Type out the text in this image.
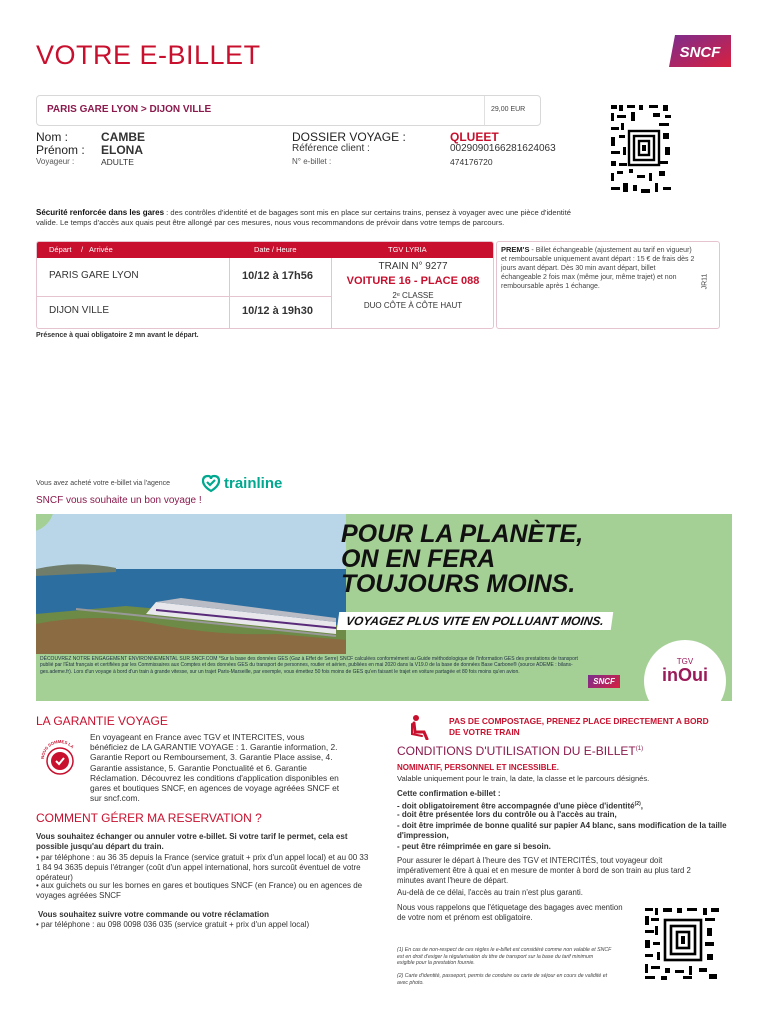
VOTRE E-BILLET	SNCF
PARIS GARE LYON > DIJON VILLE	29,00 EUR
Nom :	CAMBE
Prénom : ELONA
Voyageur :	ADULTE
DOSSIER VOYAGE :	QLUEET
Référence client :	0029090166281624063
N° e-billet :	474176720
Sécurité renforcée dans les gares : des contrôles d'identité et de bagages sont mis en place sur certains trains, pensez à voyager avec une pièce d'identité valide. Le temps d'accès aux quais peut être allongé par ces mesures, nous vous recommandons de prévoir dans votre temps de parcours.
Départ / Arrivée	Date / Heure	TGV LYRIA
PARIS GARE LYON	10/12 à 17h56
DIJON VILLE	10/12 à 19h30
TRAIN N° 9277
VOITURE 16 - PLACE 088
2ᵉ CLASSE
DUO CÔTE À CÔTE HAUT
PREM'S - Billet échangeable (ajustement au tarif en vigueur) et remboursable uniquement avant départ : 15 € de frais dès 2 jours avant départ. Dès 30 min avant départ, billet échangeable 2 fois max (même jour, même trajet) et non remboursable après 1 échange.	JR11
Présence à quai obligatoire 2 mn avant le départ.
Vous avez acheté votre e-billet via l'agence	trainline
SNCF vous souhaite un bon voyage !
POUR LA PLANÈTE,
ON EN FERA
TOUJOURS MOINS.
VOYAGEZ PLUS VITE EN POLLUANT MOINS.
DÉCOUVREZ NOTRE ENGAGEMENT ENVIRONNEMENTAL SUR SNCF.COM *Sur la base des données GES (Gaz à Effet de Serre) SNCF calculées conformément au Guide méthodologique de l'information GES des prestations de transport publié par l'État français et certifiées par les Commissaires aux Comptes et des données GES du transport de personnes, routier et aérien, publiées en mai 2020 dans la V19.0 de la base de données Base Carbone® (source ADEME : bilans-ges.ademe.fr). Lors d'un voyage à bord d'un train à grande vitesse, sur un trajet Paris-Marseille, par exemple, vous émettez 50 fois moins de GES qu'en faisant le trajet en voiture partagée et 80 fois moins qu'en avion.
SNCF
TGV
inOui
LA GARANTIE VOYAGE
NOUS SOMMES LA
En voyageant en France avec TGV et INTERCITES, vous bénéficiez de LA GARANTIE VOYAGE : 1. Garantie information, 2. Garantie Report ou Remboursement, 3. Garantie Place assise, 4. Garantie assistance, 5. Garantie Ponctualité et 6. Garantie Réclamation. Découvrez les conditions d'application disponibles en gares et boutiques SNCF, en agences de voyage agréées SNCF et sur sncf.com.
COMMENT GÉRER MA RESERVATION ?
Vous souhaitez échanger ou annuler votre e-billet. Si votre tarif le permet, cela est possible jusqu'au départ du train.
• par téléphone : au 36 35 depuis la France (service gratuit + prix d'un appel local) et au 00 33 1 84 94 3635 depuis l'étranger (coût d'un appel international, hors surcoût éventuel de votre opérateur)
• aux guichets ou sur les bornes en gares et boutiques SNCF (en France) ou en agences de voyages agréées SNCF
Vous souhaitez suivre votre commande ou votre réclamation
• par téléphone : au 098 0098 036 035 (service gratuit + prix d'un appel local)
PAS DE COMPOSTAGE, PRENEZ PLACE DIRECTEMENT A BORD DE VOTRE TRAIN
CONDITIONS D'UTILISATION DU E-BILLET$^{(1)}$
NOMINATIF, PERSONNEL ET INCESSIBLE.
Valable uniquement pour le train, la date, la classe et le parcours désignés.
Cette confirmation e-billet :
- doit obligatoirement être accompagnée d'une pièce d'identité$^{(2)}$,
- doit être présentée lors du contrôle ou à l'accès au train,
- doit être imprimée de bonne qualité sur papier A4 blanc, sans modification de la taille d'impression,
- peut être réimprimée en gare si besoin.
Pour assurer le départ à l'heure des TGV et INTERCITÉS, tout voyageur doit impérativement être à quai et en mesure de monter à bord de son train au plus tard 2 minutes avant l'heure de départ.
Au-delà de ce délai, l'accès au train n'est plus garanti.
Nous vous rappelons que l'étiquetage des bagages avec mention de votre nom et prénom est obligatoire.
(1) En cas de non-respect de ces règles le e-billet est considéré comme non valable et SNCF est en droit d'exiger la régularisation du titre de transport sur la base du tarif minimum exigible pour la prestation fournie.
(2) Carte d'identité, passeport, permis de conduire ou carte de séjour en cours de validité et avec photo.
